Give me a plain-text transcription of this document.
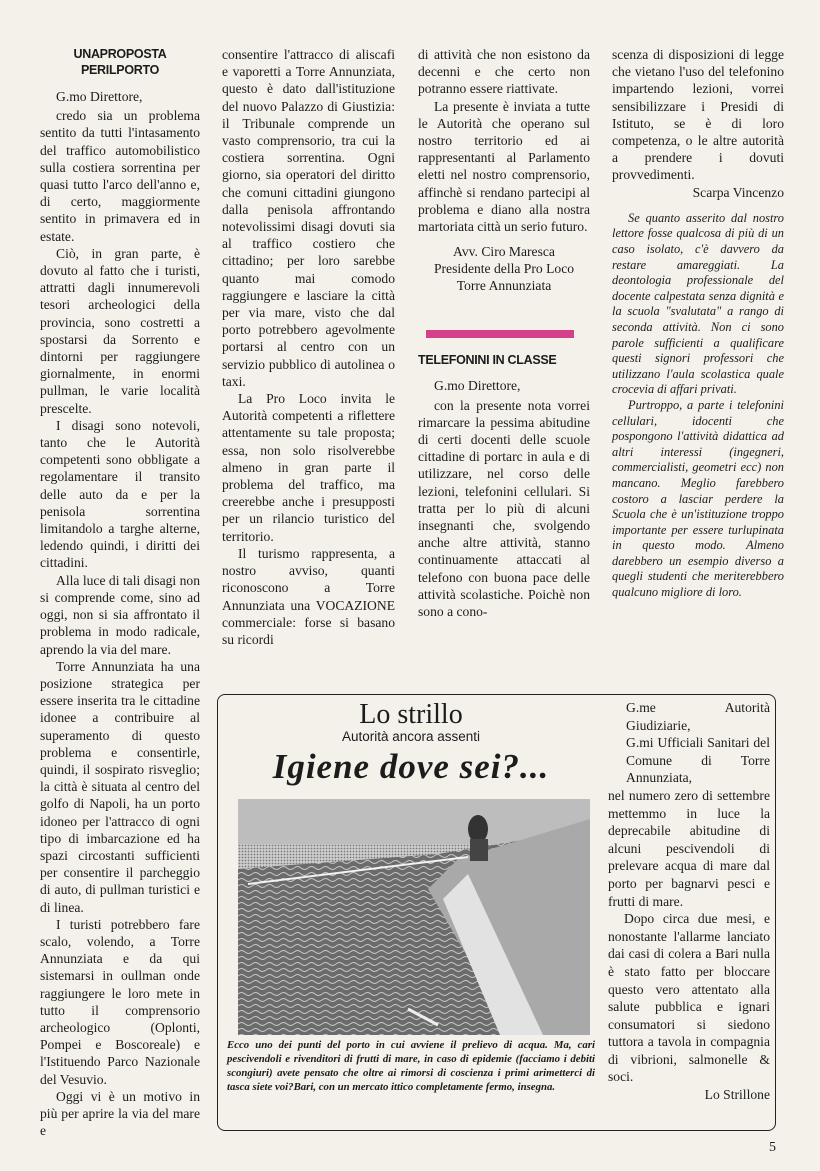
UNAPROPOSTA
PERILPORTO

G.mo Direttore,

credo sia un problema sentito da tutti l'intasamento del traffico automobilistico sulla costiera sorrentina per quasi tutto l'arco dell'anno e, di certo, maggiormente sentito in primavera ed in estate.

Ciò, in gran parte, è dovuto al fatto che i turisti, attratti dagli innumerevoli tesori archeologici della provincia, sono costretti a spostarsi da Sorrento e dintorni per raggiungere giornalmente, in enormi pullman, le varie località prescelte.

I disagi sono notevoli, tanto che le Autorità competenti sono obbligate a regolamentare il transito delle auto da e per la penisola sorrentina limitandolo a targhe alterne, ledendo quindi, i diritti dei cittadini.

Alla luce di tali disagi non si comprende come, sino ad oggi, non si sia affrontato il problema in modo radicale, aprendo la via del mare.

Torre Annunziata ha una posizione strategica per essere inserita tra le cittadine idonee a contribuire al superamento di questo problema e consentirle, quindi, il sospirato risveglio; la città è situata al centro del golfo di Napoli, ha un porto idoneo per l'attracco di ogni tipo di imbarcazione ed ha spazi circostanti sufficienti per consentire il parcheggio di auto, di pullman turistici e di linea.

I turisti potrebbero fare scalo, volendo, a Torre Annunziata e da qui sistemarsi in oullman onde raggiungere le loro mete in tutto il comprensorio archeologico (Oplonti, Pompei e Boscoreale) e l'Istituendo Parco Nazionale del Vesuvio.

Oggi vi è un motivo in più per aprire la via del mare e

consentire l'attracco di aliscafi e vaporetti a Torre Annunziata, questo è dato dall'istituzione del nuovo Palazzo di Giustizia: il Tribunale comprende un vasto comprensorio, tra cui la costiera sorrentina. Ogni giorno, sia operatori del diritto che comuni cittadini giungono dalla penisola affrontando notevolissimi disagi dovuti sia al traffico costiero che cittadino; per loro sarebbe quanto mai comodo raggiungere e lasciare la città per via mare, visto che dal porto potrebbero agevolmente portarsi al centro con un servizio pubblico di autolinea o taxi.

La Pro Loco invita le Autorità competenti a riflettere attentamente su tale proposta; essa, non solo risolverebbe almeno in gran parte il problema del traffico, ma creerebbe anche i presupposti per un rilancio turistico del territorio.

Il turismo rappresenta, a nostro avviso, quanti riconoscono a Torre Annunziata una VOCAZIONE commerciale: forse si basano su ricordi

di attività che non esistono da decenni e che certo non potranno essere riattivate.

La presente è inviata a tutte le Autorità che operano sul nostro territorio ed ai rappresentanti al Parlamento eletti nel nostro comprensorio, affinchè si rendano partecipi al problema e diano alla nostra martoriata città un serio futuro.

Avv. Ciro Maresca
Presidente della Pro Loco
Torre Annunziata
TELEFONINI IN CLASSE

G.mo Direttore,

con la presente nota vorrei rimarcare la pessima abitudine di certi docenti delle scuole cittadine di portarc in aula e di utilizzare, nel corso delle lezioni, telefonini cellulari. Si tratta per lo più di alcuni insegnanti che, svolgendo anche altre attività, stanno continuamente attaccati al telefono con buona pace delle attività scolastiche. Poichè non sono a cono-

scenza di disposizioni di legge che vietano l'uso del telefonino impartendo lezioni, vorrei sensibilizzare i Presidi di Istituto, se è di loro competenza, o le altre autorità a prendere i dovuti provvedimenti.

Scarpa Vincenzo

Se quanto asserito dal nostro lettore fosse qualcosa di più di un caso isolato, c'è davvero da restare amareggiati. La deontologia professionale del docente calpestata senza dignità e la scuola "svalutata" a rango di seconda attività. Non ci sono parole sufficienti a qualificare questi signori professori che utilizzano l'aula scolastica quale crocevia di affari privati.

Purtroppo, a parte i telefonini cellulari, idocenti che pospongono l'attività didattica ad altri interessi (ingegneri, commercialisti, geometri ecc) non mancano. Meglio farebbero costoro a lasciar perdere la Scuola che è un'istituzione troppo importante per essere turlupinata in questo modo. Almeno darebbero un esempio diverso a quegli studenti che meriterebbero qualcuno migliore di loro.

Lo strillo
Autorità ancora assenti
Igiene dove sei?...
Ecco uno dei punti del porto in cui avviene il prelievo di acqua. Ma, cari pescivendoli e rivenditori di frutti di mare, in caso di epidemie (facciamo i debiti scongiuri) avete pensato che oltre ai rimorsi di coscienza i primi arimetterci di tasca siete voi?Bari, con un mercato ittico completamente fermo, insegna.

G.me Autorità Giudiziarie,

G.mi Ufficiali Sanitari del Comune di Torre Annunziata,

nel numero zero di settembre mettemmo in luce la deprecabile abitudine di alcuni pescivendoli di prelevare acqua di mare dal porto per bagnarvi pesci e frutti di mare.

Dopo circa due mesi, e nonostante l'allarme lanciato dai casi di colera a Bari nulla è stato fatto per bloccare questo vero attentato alla salute pubblica e ignari consumatori si siedono tuttora a tavola in compagnia di vibrioni, salmonelle & soci.

Lo Strillone

5
